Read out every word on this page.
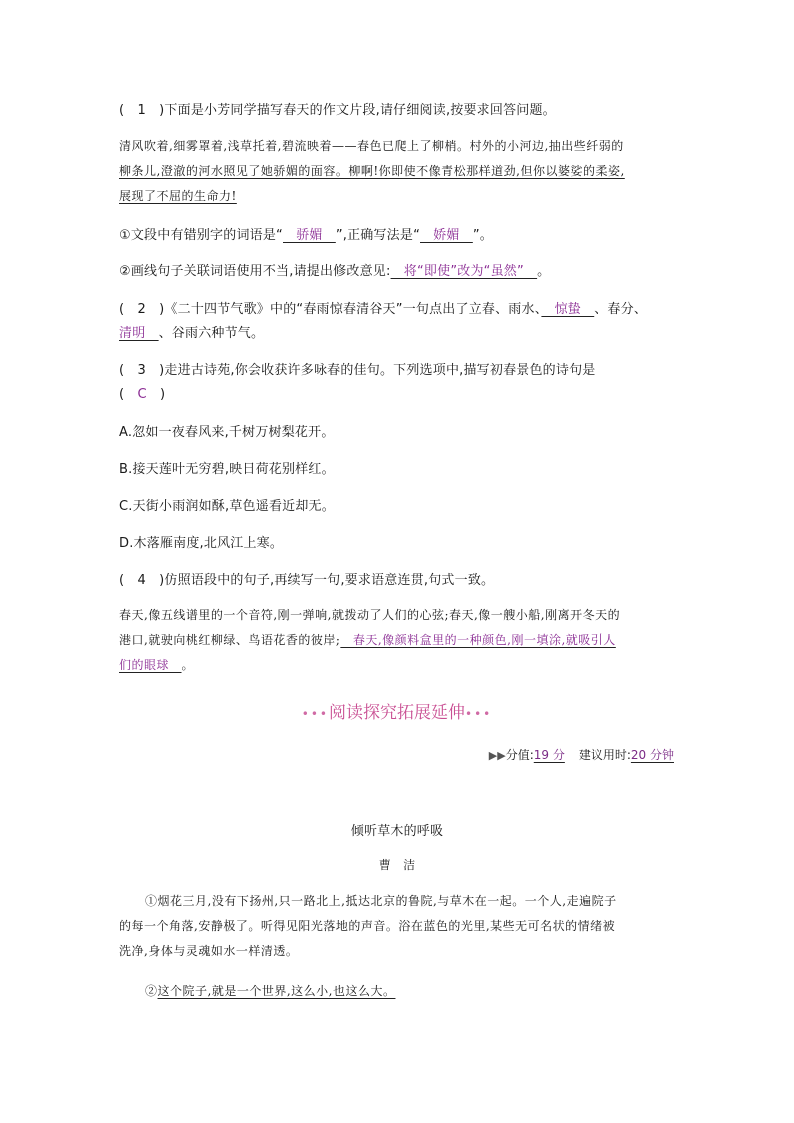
(　1　)下面是小芳同学描写春天的作文片段,请仔细阅读,按要求回答问题。
清风吹着,细雾罩着,浅草托着,碧流映着——春色已爬上了柳梢。村外的小河边,抽出些纤弱的
柳条儿,澄澈的河水照见了她骄媚的面容。柳啊!你即使不像青松那样道劲,但你以婆娑的柔姿,
展现了不屈的生命力!
①文段中有错别字的词语是“　骄媚　”,正确写法是“　娇媚　”。
②画线句子关联词语使用不当,请提出修改意见:　将“即使”改为“虽然”　。
(　2　)《二十四节气歌》中的“春雨惊春清谷天”一句点出了立春、雨水、　惊蛰　、春分、
清明　、谷雨六种节气。
(　3　)走进古诗苑,你会收获许多咏春的佳句。下列选项中,描写初春景色的诗句是
(　C　)
A.忽如一夜春风来,千树万树梨花开。
B.接天莲叶无穷碧,映日荷花别样红。
C.天街小雨润如酥,草色遥看近却无。
D.木落雁南度,北风江上寒。
(　4　)仿照语段中的句子,再续写一句,要求语意连贯,句式一致。
春天,像五线谱里的一个音符,刚一弹响,就拨动了人们的心弦;春天,像一艘小船,刚离开冬天的
港口,就驶向桃红柳绿、鸟语花香的彼岸;　春天,像颜料盒里的一种颜色,刚一填涂,就吸引人
们的眼球　。
•••阅读探究拓展延伸•••
▶▶分值:19 分 建议用时:20 分钟
倾听草木的呼吸
曹　洁
①烟花三月,没有下扬州,只一路北上,抵达北京的鲁院,与草木在一起。一个人,走遍院子
的每一个角落,安静极了。听得见阳光落地的声音。浴在蓝色的光里,某些无可名状的情绪被
洗净,身体与灵魂如水一样清透。
②这个院子,就是一个世界,这么小,也这么大。
